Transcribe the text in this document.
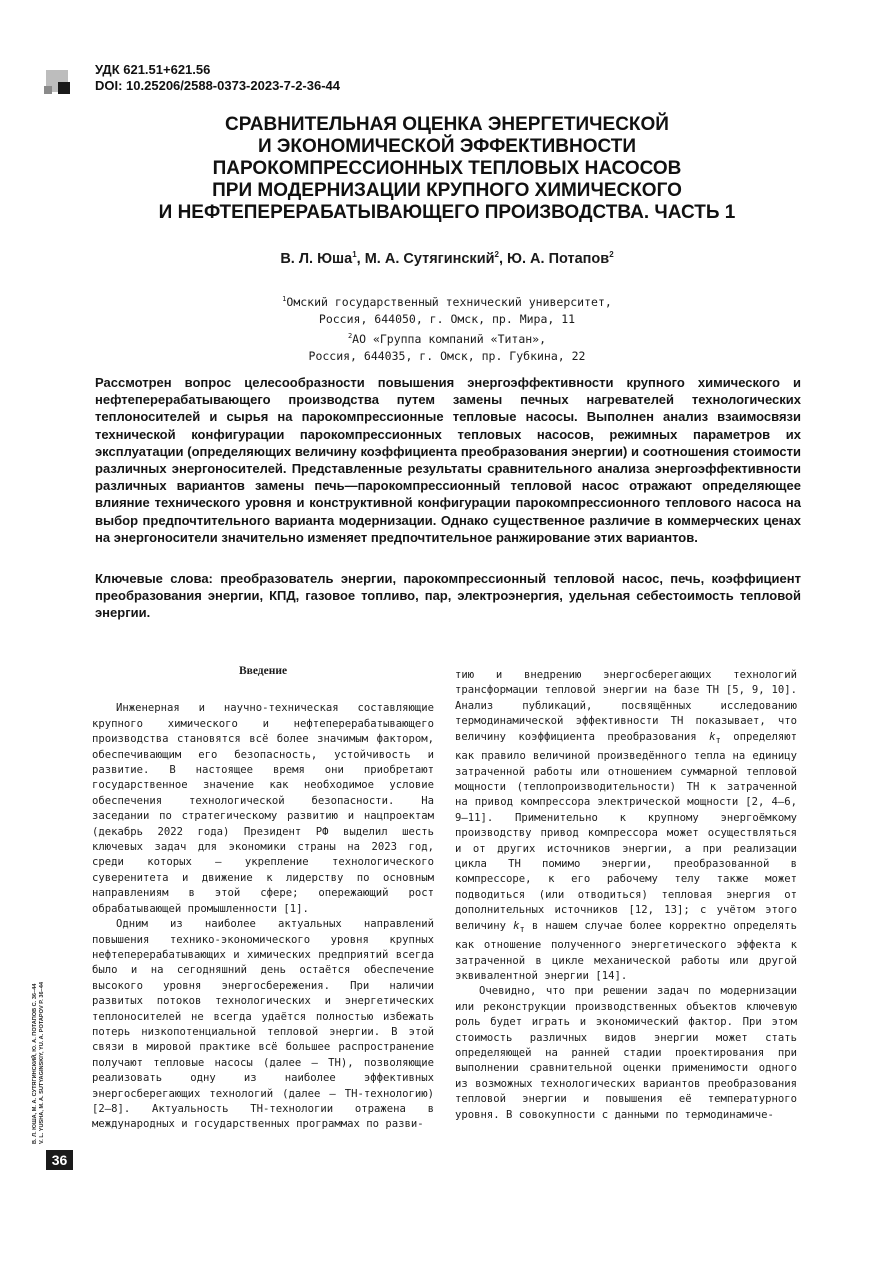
УДК 621.51+621.56
DOI: 10.25206/2588-0373-2023-7-2-36-44
СРАВНИТЕЛЬНАЯ ОЦЕНКА ЭНЕРГЕТИЧЕСКОЙ
И ЭКОНОМИЧЕСКОЙ ЭФФЕКТИВНОСТИ
ПАРОКОМПРЕССИОННЫХ ТЕПЛОВЫХ НАСОСОВ
ПРИ МОДЕРНИЗАЦИИ КРУПНОГО ХИМИЧЕСКОГО
И НЕФТЕПЕРЕРАБАТЫВАЮЩЕГО ПРОИЗВОДСТВА. ЧАСТЬ 1
В. Л. Юша$^1$, М. А. Сутягинский$^2$, Ю. А. Потапов$^2$
$^1$Омский государственный технический университет,
Россия, 644050, г. Омск, пр. Мира, 11
$^2$АО «Группа компаний «Титан»,
Россия, 644035, г. Омск, пр. Губкина, 22

Рассмотрен вопрос целесообразности повышения энергоэффективности крупного химического и нефтеперерабатывающего производства путем замены печных нагревателей технологических теплоносителей и сырья на парокомпрессионные тепловые насосы. Выполнен анализ взаимосвязи технической конфигурации парокомпрессионных тепловых насосов, режимных параметров их эксплуатации (определяющих величину коэффициента преобразования энергии) и соотношения стоимости различных энергоносителей. Представленные результаты сравнительного анализа энергоэффективности различных вариантов замены печь—парокомпрессионный тепловой насос отражают определяющее влияние технического уровня и конструктивной конфигурации парокомпрессионного теплового насоса на выбор предпочтительного варианта модернизации. Однако существенное различие в коммерческих ценах на энергоносители значительно изменяет предпочтительное ранжирование этих вариантов.

Ключевые слова: преобразователь энергии, парокомпрессионный тепловой насос, печь, коэффициент преобразования энергии, КПД, газовое топливо, пар, электроэнергия, удельная себестоимость тепловой энергии.

Введение

Инженерная и научно-техническая составляющие крупного химического и нефтеперерабатывающего производства становятся всё более значимым фактором, обеспечивающим его безопасность, устойчивость и развитие. В настоящее время они приобретают государственное значение как необходимое условие обеспечения технологической безопасности. На заседании по стратегическому развитию и нацпроектам (декабрь 2022 года) Президент РФ выделил шесть ключевых задач для экономики страны на 2023 год, среди которых — укрепление технологического суверенитета и движение к лидерству по основным направлениям в этой сфере; опережающий рост обрабатывающей промышленности [1].

Одним из наиболее актуальных направлений повышения технико-экономического уровня крупных нефтеперерабатывающих и химических предприятий всегда было и на сегодняшний день остаётся обеспечение высокого уровня энергосбережения. При наличии развитых потоков технологических и энергетических теплоносителей не всегда удаётся полностью избежать потерь низкопотенциальной тепловой энергии. В этой связи в мировой практике всё большее распространение получают тепловые насосы (далее — ТН), позволяющие реализовать одну из наиболее эффективных энергосберегающих технологий (далее — ТН-технологию) [2—8]. Актуальность ТН-технологии отражена в международных и государственных программах по разви-

тию и внедрению энергосберегающих технологий трансформации тепловой энергии на базе ТН [5, 9, 10]. Анализ публикаций, посвящённых исследованию термодинамической эффективности ТН показывает, что величину коэффициента преобразования $k_т$ определяют как правило величиной произведённого тепла на единицу затраченной работы или отношением суммарной тепловой мощности (теплопроизводительности) ТН к затраченной на привод компрессора электрической мощности [2, 4—6, 9—11]. Применительно к крупному энергоёмкому производству привод компрессора может осуществляться и от других источников энергии, а при реализации цикла ТН помимо энергии, преобразованной в компрессоре, к его рабочему телу также может подводиться (или отводиться) тепловая энергия от дополнительных источников [12, 13]; с учётом этого величину $k_т$ в нашем случае более корректно определять как отношение полученного энергетического эффекта к затраченной в цикле механической работы или другой эквивалентной энергии [14].

Очевидно, что при решении задач по модернизации или реконструкции производственных объектов ключевую роль будет играть и экономический фактор. При этом стоимость различных видов энергии может стать определяющей на ранней стадии проектирования при выполнении сравнительной оценки применимости одного из возможных технологических вариантов преобразования тепловой энергии и повышения её температурного уровня. В совокупности с данными по термодинамиче-

В. Л. ЮША, М. А. СУТЯГИНСКИЙ, Ю. А. ПОТАПОВ С. 36–44 V. L. YUSHA, M. A. SUTYAGINSKIY, YU. A. POTAPOV P. 36–44
36
